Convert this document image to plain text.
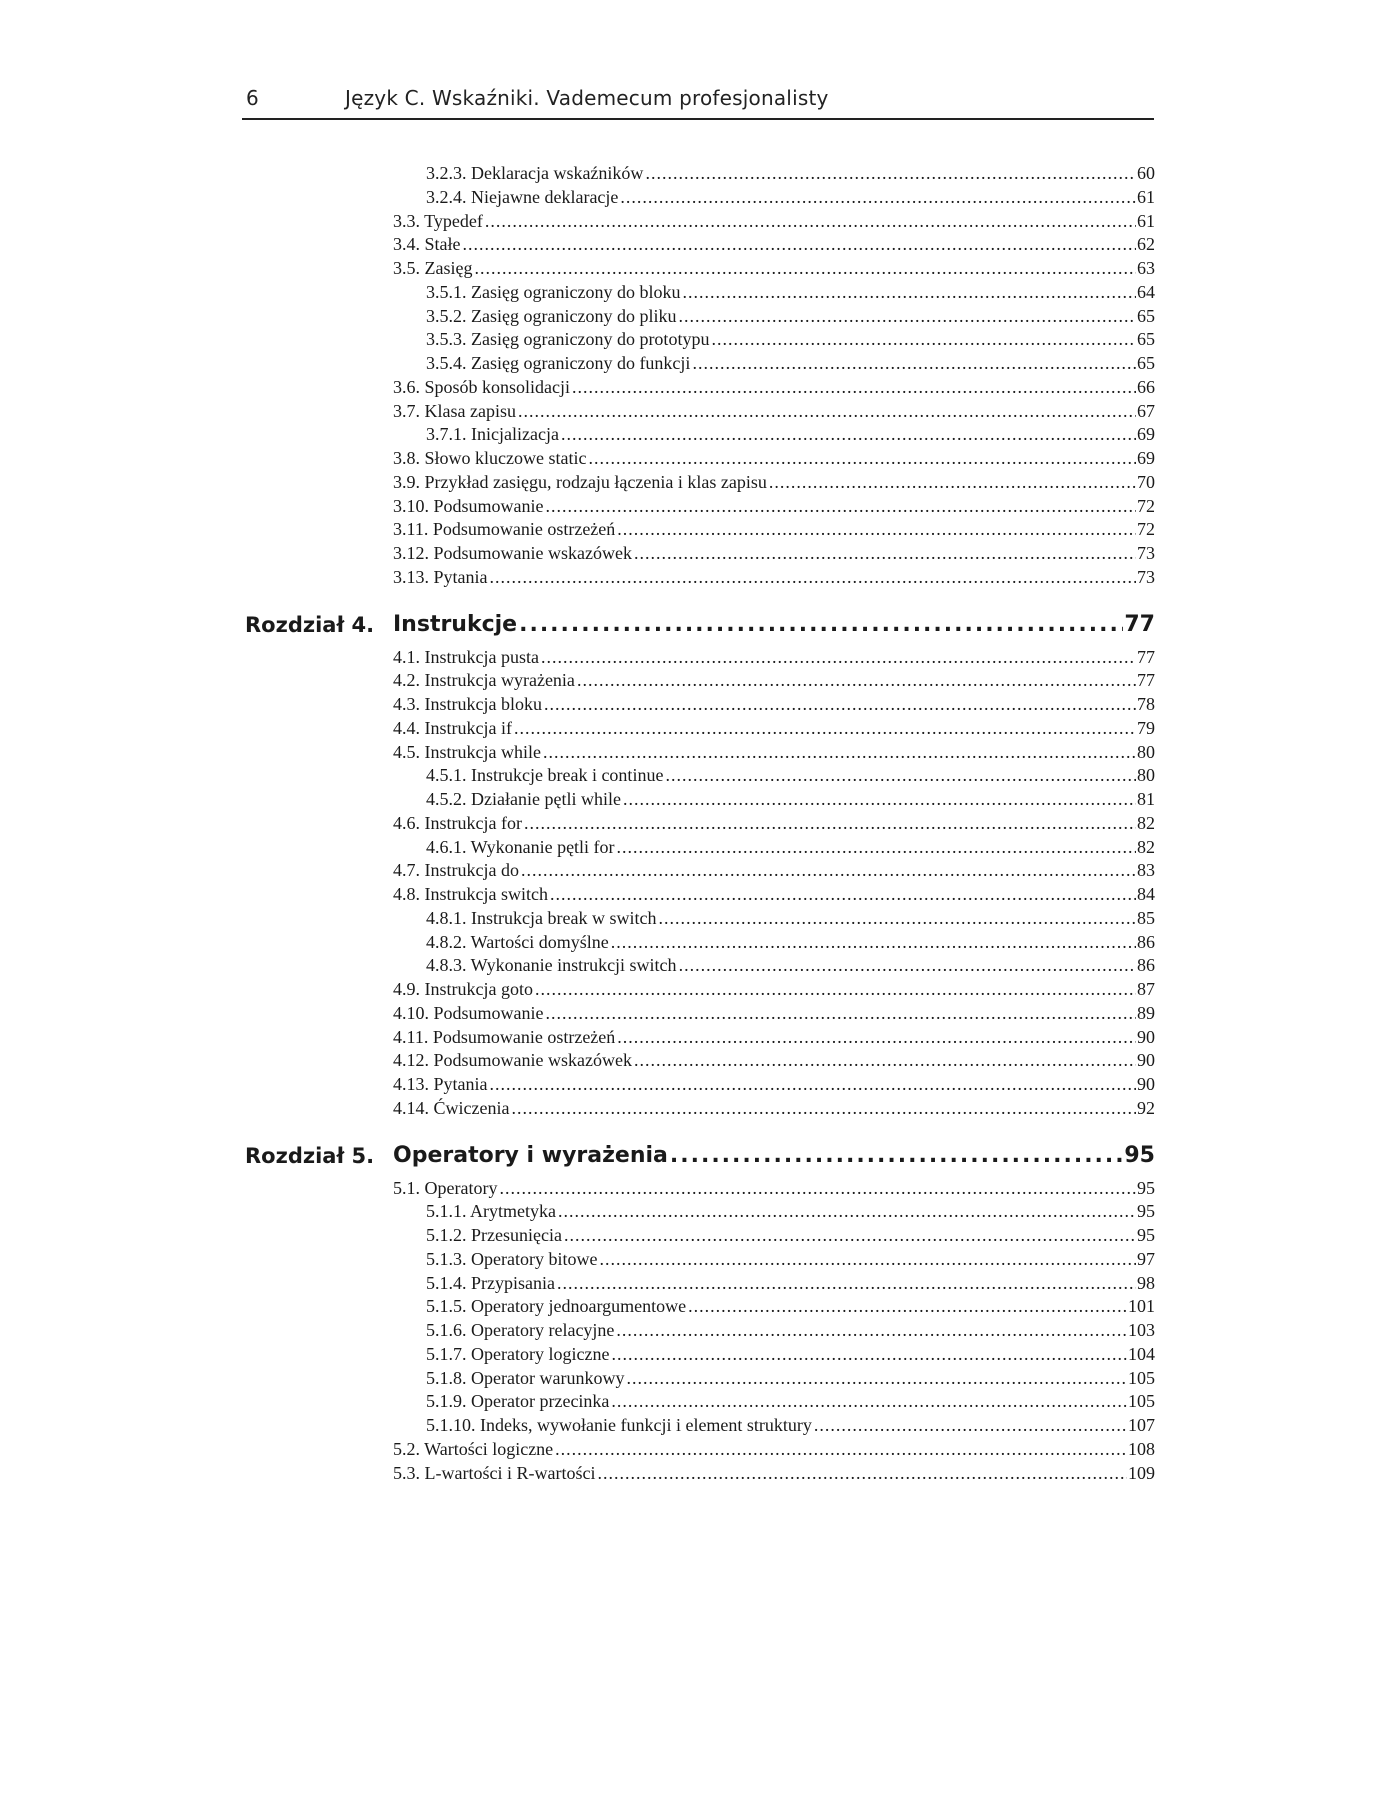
6	Język C. Wskaźniki. Vademecum profesjonalisty
3.2.3. Deklaracja wskaźników .....	60
3.2.4. Niejawne deklaracje .....	61
3.3. Typedef .....	61
3.4. Stałe .....	62
3.5. Zasięg .....	63
3.5.1. Zasięg ograniczony do bloku .....	64
3.5.2. Zasięg ograniczony do pliku .....	65
3.5.3. Zasięg ograniczony do prototypu .....	65
3.5.4. Zasięg ograniczony do funkcji .....	65
3.6. Sposób konsolidacji .....	66
3.7. Klasa zapisu .....	67
3.7.1. Inicjalizacja .....	69
3.8. Słowo kluczowe static .....	69
3.9. Przykład zasięgu, rodzaju łączenia i klas zapisu .....	70
3.10. Podsumowanie .....	72
3.11. Podsumowanie ostrzeżeń .....	72
3.12. Podsumowanie wskazówek .....	73
3.13. Pytania .....	73
Rozdział 4. Instrukcje .....	77
4.1. Instrukcja pusta .....	77
4.2. Instrukcja wyrażenia .....	77
4.3. Instrukcja bloku .....	78
4.4. Instrukcja if .....	79
4.5. Instrukcja while .....	80
4.5.1. Instrukcje break i continue .....	80
4.5.2. Działanie pętli while .....	81
4.6. Instrukcja for .....	82
4.6.1. Wykonanie pętli for .....	82
4.7. Instrukcja do .....	83
4.8. Instrukcja switch .....	84
4.8.1. Instrukcja break w switch .....	85
4.8.2. Wartości domyślne .....	86
4.8.3. Wykonanie instrukcji switch .....	86
4.9. Instrukcja goto .....	87
4.10. Podsumowanie .....	89
4.11. Podsumowanie ostrzeżeń .....	90
4.12. Podsumowanie wskazówek .....	90
4.13. Pytania .....	90
4.14. Ćwiczenia .....	92
Rozdział 5. Operatory i wyrażenia .....	95
5.1. Operatory .....	95
5.1.1. Arytmetyka .....	95
5.1.2. Przesunięcia .....	95
5.1.3. Operatory bitowe .....	97
5.1.4. Przypisania .....	98
5.1.5. Operatory jednoargumentowe .....	101
5.1.6. Operatory relacyjne .....	103
5.1.7. Operatory logiczne .....	104
5.1.8. Operator warunkowy .....	105
5.1.9. Operator przecinka .....	105
5.1.10. Indeks, wywołanie funkcji i element struktury .....	107
5.2. Wartości logiczne .....	108
5.3. L-wartości i R-wartości .....	109
